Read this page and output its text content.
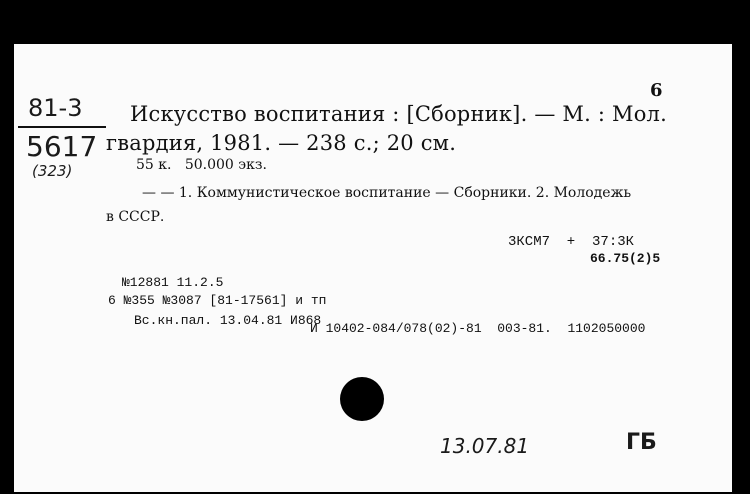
6
81-3
5617
(323)
Искусство воспитания : [Сборник]. — М. : Мол.
гвардия, 1981. — 238 с.; 20 см.
55 к.   50.000 экз.
— — 1. Коммунистическое воспитание — Сборники. 2. Молодежь
в СССР.
3КСМ7  +  37:3К
66.75(2)5
№12881 11.2.5
6 №355 №3087 [81-17561] и тп
Вс.кн.пал. 13.04.81 И868
И 10402-084/078(02)-81  003-81.  1102050000
13.07.81	ГБ
